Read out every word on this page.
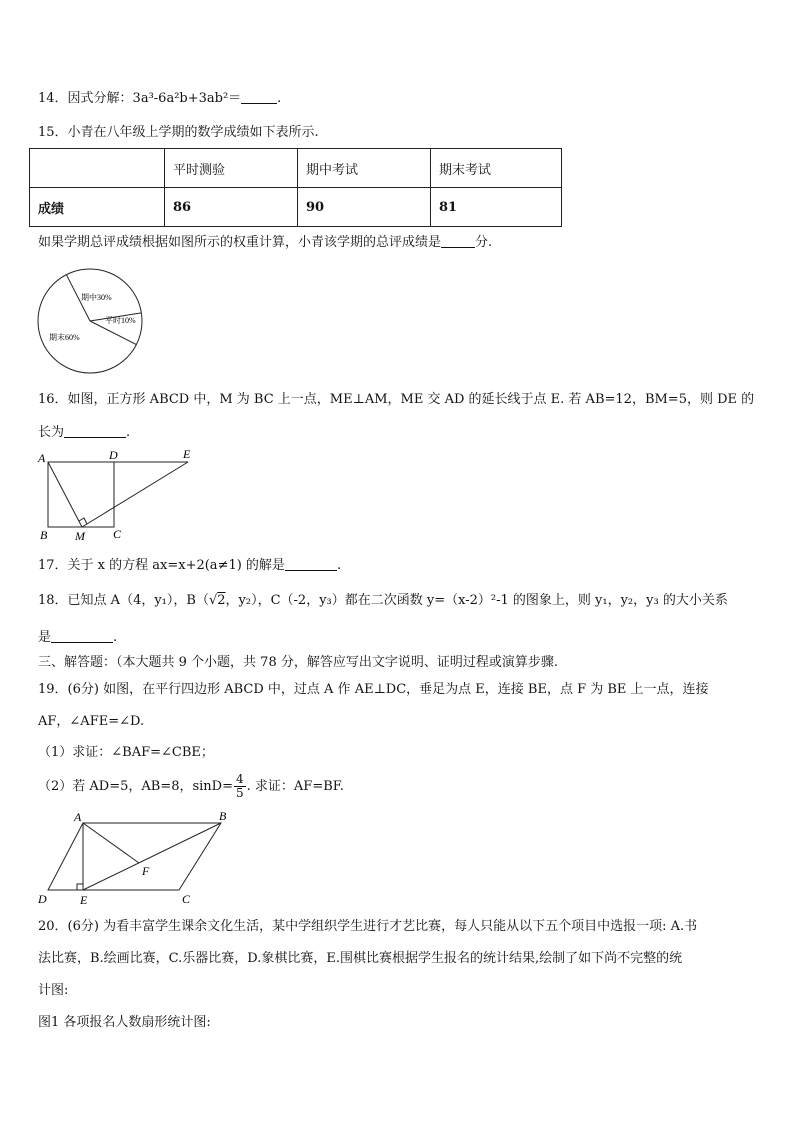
14．因式分解：3a³-6a²b+3ab²＝	.
15．小青在八年级上学期的数学成绩如下表所示.
	平时测验	期中考试	期末考试
成绩	86	90	81
如果学期总评成绩根据如图所示的权重计算，小青该学期的总评成绩是	分.
期中30%
平时10%
期末60%
16．如图，正方形 ABCD 中，M 为 BC 上一点，ME⊥AM，ME 交 AD 的延长线于点 E. 若 AB=12，BM=5，则 DE 的
长为	.
A	D	E
B M C
17．关于 x 的方程 ax=x+2(a≠1) 的解是	.
18．已知点 A（4，y₁），B（√2，y₂），C（-2，y₃）都在二次函数 y=（x-2）²-1 的图象上，则 y₁，y₂，y₃ 的大小关系
是	.
三、解答题：（本大题共 9 个小题，共 78 分，解答应写出文字说明、证明过程或演算步骤.
19．(6分) 如图，在平行四边形 ABCD 中，过点 A 作 AE⊥DC，垂足为点 E，连接 BE，点 F 为 BE 上一点，连接
AF，∠AFE=∠D.
（1）求证：∠BAF=∠CBE；
（2）若 AD=5，AB=8，$\sin D= \frac{4}{5}$ . 求证：AF=BF.
A	B
F
D	E	C
20．(6分) 为看丰富学生课余文化生活，某中学组织学生进行才艺比赛，每人只能从以下五个项目中选报一项: A.书
法比赛，B.绘画比赛，C.乐器比赛，D.象棋比赛，E.围棋比赛根据学生报名的统计结果,绘制了如下尚不完整的统
计图:
图1 各项报名人数扇形统计图:
